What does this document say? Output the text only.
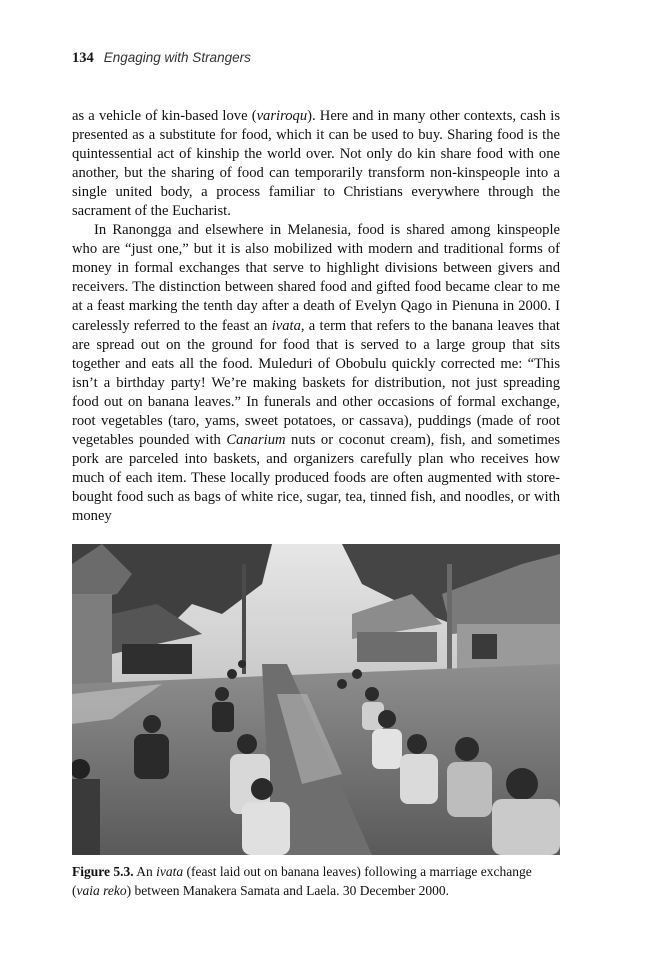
134 Engaging with Strangers

as a vehicle of kin-based love (variroqu). Here and in many other contexts, cash is presented as a substitute for food, which it can be used to buy. Sharing food is the quintessential act of kinship the world over. Not only do kin share food with one another, but the sharing of food can temporarily transform non-kinspeople into a single united body, a process familiar to Christians everywhere through the sacrament of the Eucharist.

In Ranongga and elsewhere in Melanesia, food is shared among kinspeople who are “just one,” but it is also mobilized with modern and traditional forms of money in formal exchanges that serve to highlight divisions between givers and receivers. The distinction between shared food and gifted food became clear to me at a feast marking the tenth day after a death of Evelyn Qago in Pienuna in 2000. I carelessly referred to the feast an ivata, a term that refers to the banana leaves that are spread out on the ground for food that is served to a large group that sits together and eats all the food. Muleduri of Obobulu quickly corrected me: “This isn’t a birthday party! We’re making baskets for distribution, not just spreading food out on banana leaves.” In funerals and other occasions of formal exchange, root vegetables (taro, yams, sweet potatoes, or cassava), puddings (made of root vegetables pounded with Canarium nuts or coconut cream), fish, and sometimes pork are parceled into baskets, and organizers carefully plan who receives how much of each item. These locally produced foods are often augmented with store-bought food such as bags of white rice, sugar, tea, tinned fish, and noodles, or with money

Figure 5.3. An ivata (feast laid out on banana leaves) following a marriage exchange (vaia reko) between Manakera Samata and Laela. 30 December 2000.
